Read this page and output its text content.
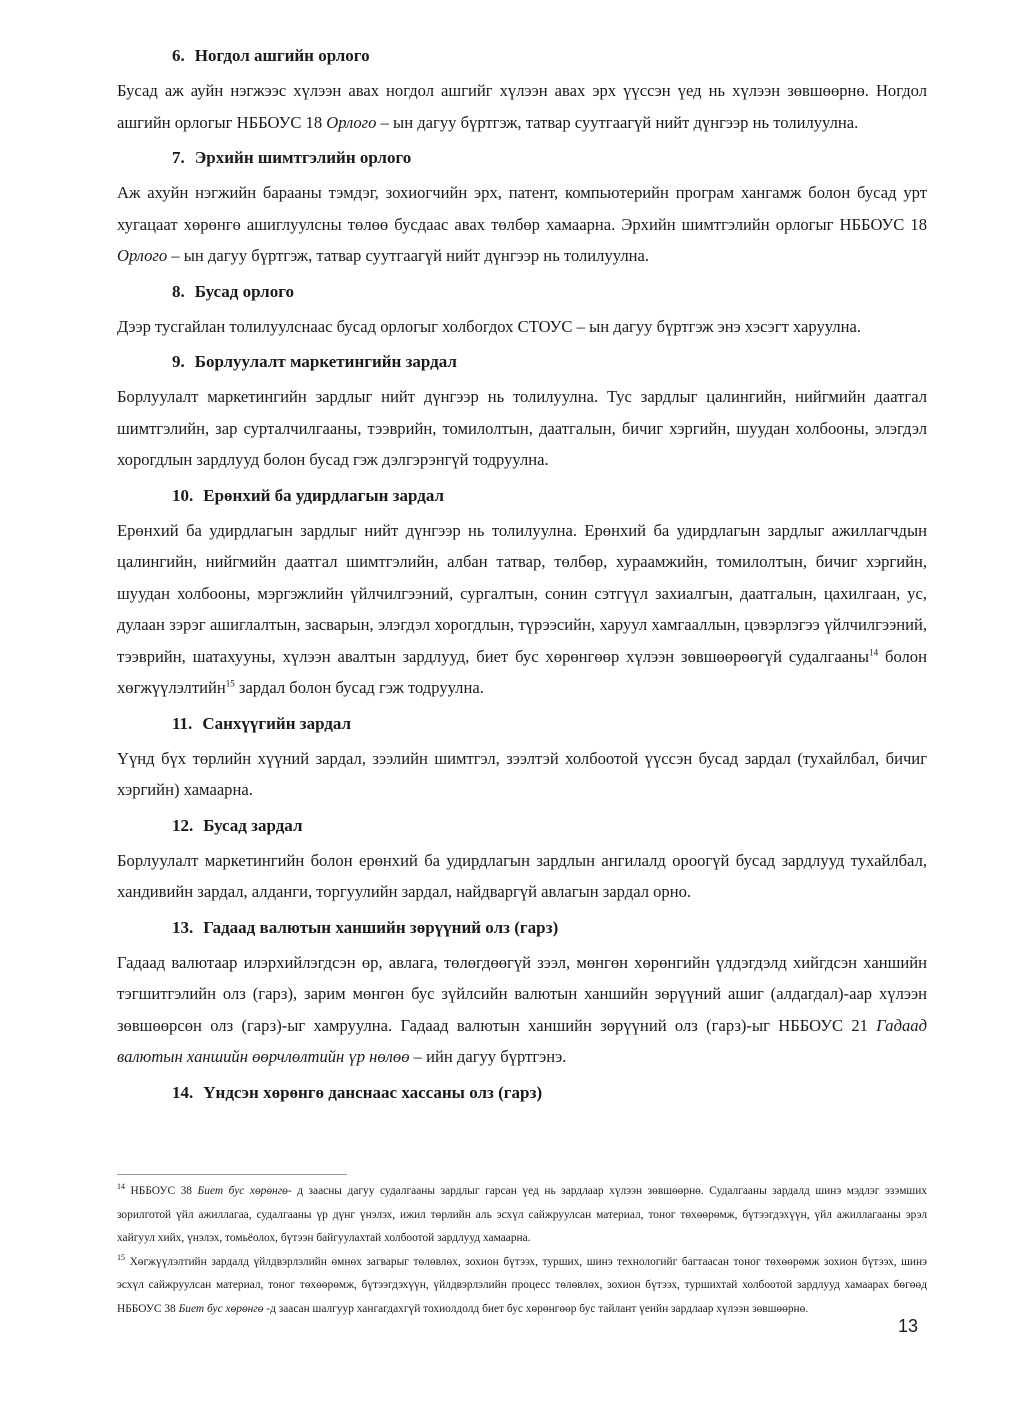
6. Ногдол ашгийн орлого

Бусад аж ауйн нэгжээс хүлээн авах ногдол ашгийг хүлээн авах эрх үүссэн үед нь хүлээн зөвшөөрнө. Ногдол ашгийн орлогыг НББОУС 18 Орлого – ын дагуу бүртгэж, татвар суутгаагүй нийт дүнгээр нь толилуулна.

7. Эрхийн шимтгэлийн орлого

Аж ахуйн нэгжийн барааны тэмдэг, зохиогчийн эрх, патент, компьютерийн програм хангамж болон бусад урт хугацаат хөрөнгө ашиглуулсны төлөө бусдаас авах төлбөр хамаарна. Эрхийн шимтгэлийн орлогыг НББОУС 18 Орлого – ын дагуу бүртгэж, татвар суутгаагүй нийт дүнгээр нь толилуулна.

8. Бусад орлого

Дээр тусгайлан толилуулснаас бусад орлогыг холбогдох СТОУС – ын дагуу бүртгэж энэ хэсэгт харуулна.

9. Борлуулалт маркетингийн зардал

Борлуулалт маркетингийн зардлыг нийт дүнгээр нь толилуулна. Тус зардлыг цалингийн, нийгмийн даатгал шимтгэлийн, зар сурталчилгааны, тээврийн, томилолтын, даатгалын, бичиг хэргийн, шуудан холбооны, элэгдэл хорогдлын зардлууд болон бусад гэж дэлгэрэнгүй тодруулна.

10. Ерөнхий ба удирдлагын зардал

Ерөнхий ба удирдлагын зардлыг нийт дүнгээр нь толилуулна. Ерөнхий ба удирдлагын зардлыг ажиллагчдын цалингийн, нийгмийн даатгал шимтгэлийн, албан татвар, төлбөр, хураамжийн, томилолтын, бичиг хэргийн, шуудан холбооны, мэргэжлийн үйлчилгээний, сургалтын, сонин сэтгүүл захиалгын, даатгалын, цахилгаан, ус, дулаан зэрэг ашиглалтын, засварын, элэгдэл хорогдлын, түрээсийн, харуул хамгааллын, цэвэрлэгээ үйлчилгээний, тээврийн, шатахууны, хүлээн авалтын зардлууд, биет бус хөрөнгөөр хүлээн зөвшөөрөөгүй судалгааны$^{14}$ болон хөгжүүлэлтийн$^{15}$ зардал болон бусад гэж тодруулна.

11. Санхүүгийн зардал

Үүнд бүх төрлийн хүүний зардал, зээлийн шимтгэл, зээлтэй холбоотой үүссэн бусад зардал (тухайлбал, бичиг хэргийн) хамаарна.

12. Бусад зардал

Борлуулалт маркетингийн болон ерөнхий ба удирдлагын зардлын ангилалд ороогүй бусад зардлууд тухайлбал, хандивийн зардал, алданги, торгуулийн зардал, найдваргүй авлагын зардал орно.

13. Гадаад валютын ханшийн зөрүүний олз (гарз)

Гадаад валютаар илэрхийлэгдсэн өр, авлага, төлөгдөөгүй зээл, мөнгөн хөрөнгийн үлдэгдэлд хийгдсэн ханшийн тэгшитгэлийн олз (гарз), зарим мөнгөн бус зүйлсийн валютын ханшийн зөрүүний ашиг (алдагдал)-аар хүлээн зөвшөөрсөн олз (гарз)-ыг хамруулна. Гадаад валютын ханшийн зөрүүний олз (гарз)-ыг НББОУС 21 Гадаад валютын ханшийн өөрчлөлтийн үр нөлөө – ийн дагуу бүртгэнэ.

14. Үндсэн хөрөнгө данснаас хассаны олз (гарз)

$^{14}$ НББОУС 38 Биет бус хөрөнгө- д заасны дагуу судалгааны зардлыг гарсан үед нь зардлаар хүлээн зөвшөөрнө. Судалгааны зардалд шинэ мэдлэг эзэмших зорилготой үйл ажиллагаа, судалгааны үр дүнг үнэлэх, ижил төрлийн аль эсхүл сайжруулсан материал, тоног төхөөрөмж, бүтээгдэхүүн, үйл ажиллагааны эрэл хайгуул хийх, үнэлэх, томьёолох, бүтээн байгуулахтай холбоотой зардлууд хамаарна.

$^{15}$ Хөгжүүлэлтийн зардалд үйлдвэрлэлийн өмнөх загварыг төлөвлөх, зохион бүтээх, турших, шинэ технологийг багтаасан тоног төхөөрөмж зохион бүтээх, шинэ эсхүл сайжруулсан материал, тоног төхөөрөмж, бүтээгдэхүүн, үйлдвэрлэлийн процесс төлөвлөх, зохион бүтээх, туршихтай холбоотой зардлууд хамаарах бөгөөд НББОУС 38 Биет бус хөрөнгө -д заасан шалгуур хангагдахгүй тохиолдолд биет бус хөрөнгөөр бус тайлант үеийн зардлаар хүлээн зөвшөөрнө.

13
